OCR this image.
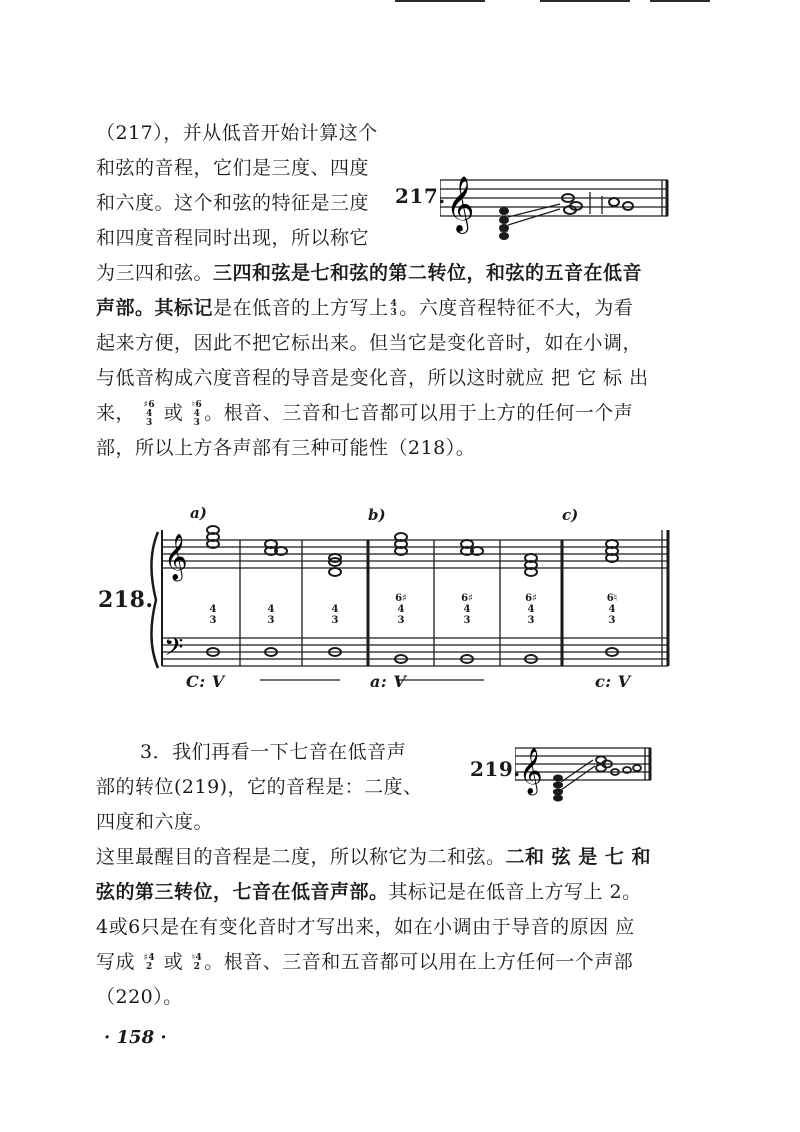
（217），并从低音开始计算这个
和弦的音程，它们是三度、四度
和六度。这个和弦的特征是三度
和四度音程同时出现，所以称它
217. 𝄞
为三四和弦。三四和弦是七和弦的第二转位，和弦的五音在低音
声部。其标记是在低音的上方写上 4
3 。六度音程特征不大，为看
起来方便，因此不把它标出来。但当它是变化音时，如在小调，
与低音构成六度音程的导音是变化音，所以这时就应 把 它 标 出
来， ♯6
4
3 或 ♮6
4
3 。根音、三音和七音都可以用于上方的任何一个声
部，所以上方各声部有三种可能性（218）。
218.
𝄞
𝄢
4
3
4
3
4
3
6♯
4
3
6♯
4
3
6♯
4
3
6♮
4
3
a)	b)	c)
C: V	a: V	c: V
3．我们再看一下七音在低音声
部的转位(219)，它的音程是：二度、
四度和六度。
219.
𝄞
这里最醒目的音程是二度，所以称它为二和弦。二和 弦 是 七 和
弦的第三转位，七音在低音声部。其标记是在低音上方写上 2。
4或6只是在有变化音时才写出来，如在小调由于导音的原因 应
写成 ♯4
2 或 ♮4
2 。根音、三音和五音都可以用在上方任何一个声部
（220）。
· 158 ·
